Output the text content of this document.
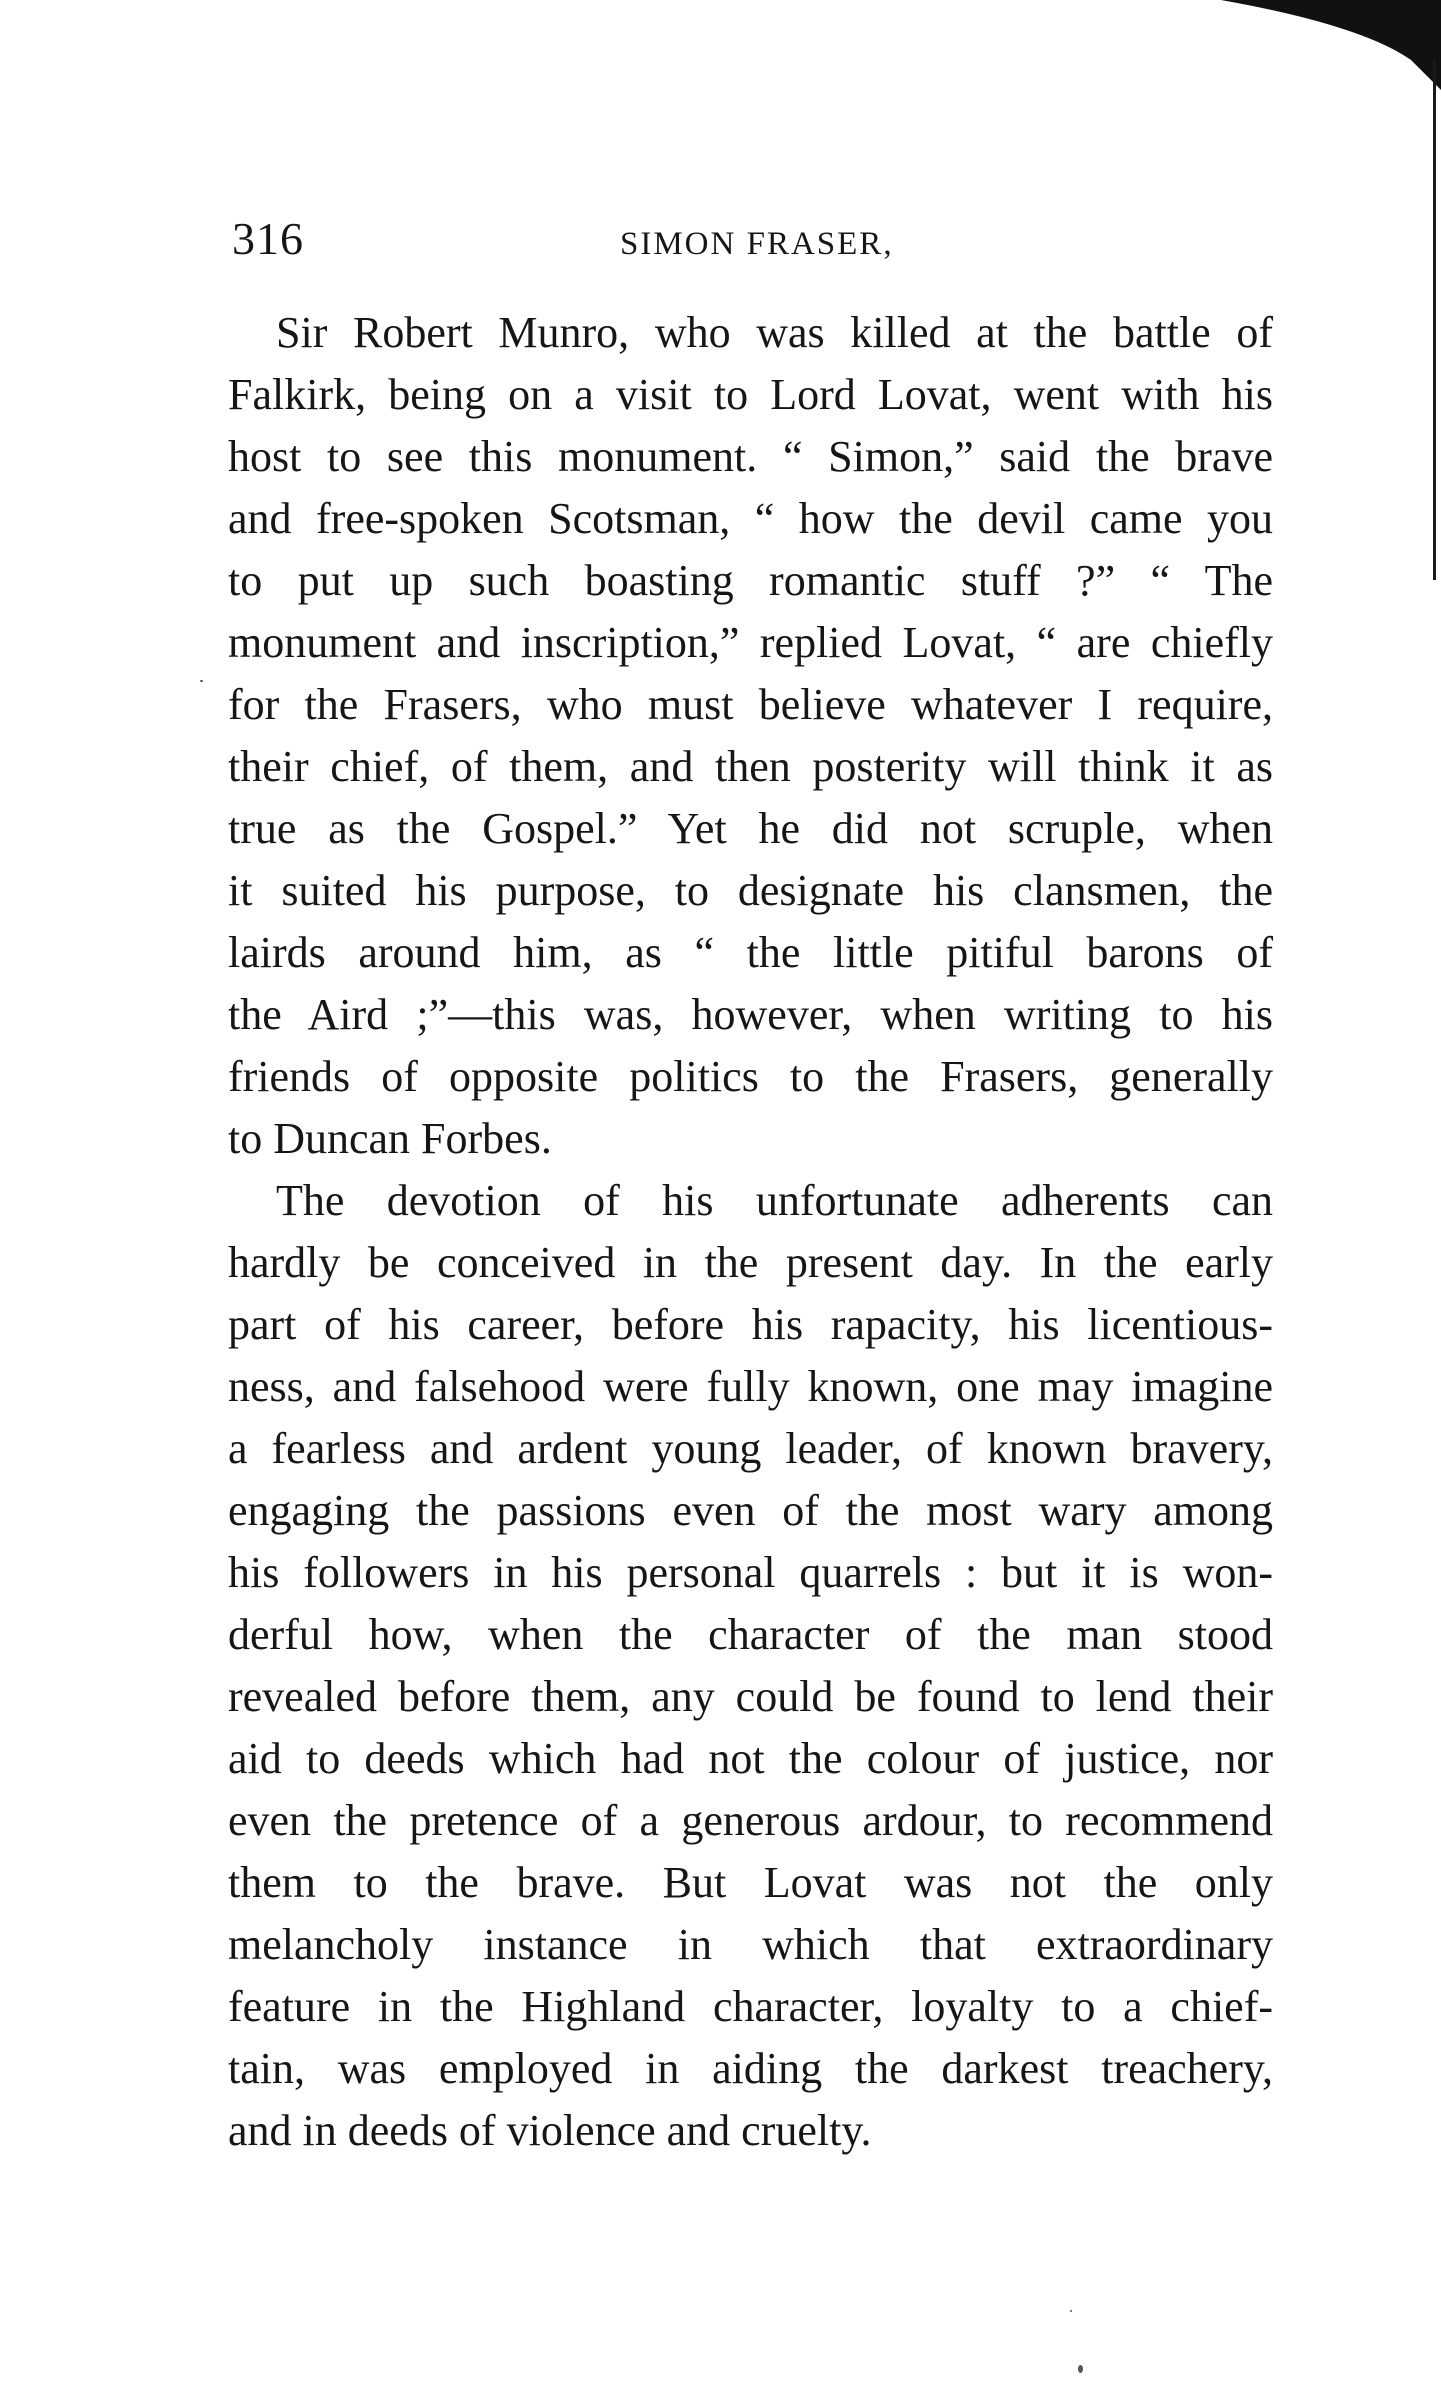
316	SIMON FRASER,
Sir Robert Munro, who was killed at the battle of
Falkirk, being on a visit to Lord Lovat, went with his
host to see this monument. “ Simon,” said the brave
and free-spoken Scotsman, “ how the devil came you
to put up such boasting romantic stuff ?” “ The
monument and inscription,” replied Lovat, “ are chiefly
for the Frasers, who must believe whatever I require,
their chief, of them, and then posterity will think it as
true as the Gospel.” Yet he did not scruple, when
it suited his purpose, to designate his clansmen, the
lairds around him, as “ the little pitiful barons of
the Aird ;”—this was, however, when writing to his
friends of opposite politics to the Frasers, generally
to Duncan Forbes.
The devotion of his unfortunate adherents can
hardly be conceived in the present day. In the early
part of his career, before his rapacity, his licentious-
ness, and falsehood were fully known, one may imagine
a fearless and ardent young leader, of known bravery,
engaging the passions even of the most wary among
his followers in his personal quarrels : but it is won-
derful how, when the character of the man stood
revealed before them, any could be found to lend their
aid to deeds which had not the colour of justice, nor
even the pretence of a generous ardour, to recommend
them to the brave. But Lovat was not the only
melancholy instance in which that extraordinary
feature in the Highland character, loyalty to a chief-
tain, was employed in aiding the darkest treachery,
and in deeds of violence and cruelty.
